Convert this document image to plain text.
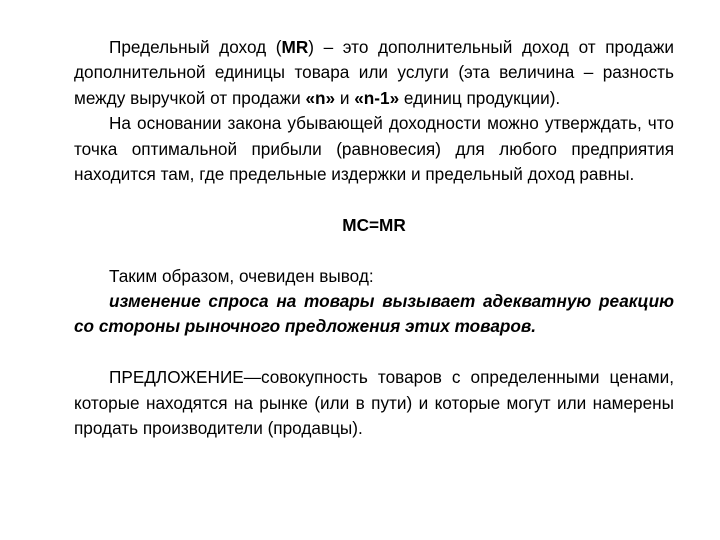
Предельный доход (MR) – это дополнительный доход от продажи дополнительной единицы товара или услуги (эта величина – разность между выручкой от продажи «n» и «n-1» единиц продукции).

На основании закона убывающей доходности можно утверждать, что точка оптимальной прибыли (равновесия) для любого предприятия находится там, где предельные издержки и предельный доход равны.

MC=MR

Таким образом, очевиден вывод:

изменение спроса на товары вызывает адекватную реакцию со стороны рыночного предложения этих товаров.

ПРЕДЛОЖЕНИЕ—совокупность товаров с определенными ценами, которые находятся на рынке (или в пути) и которые могут или намерены продать производители (продавцы).
